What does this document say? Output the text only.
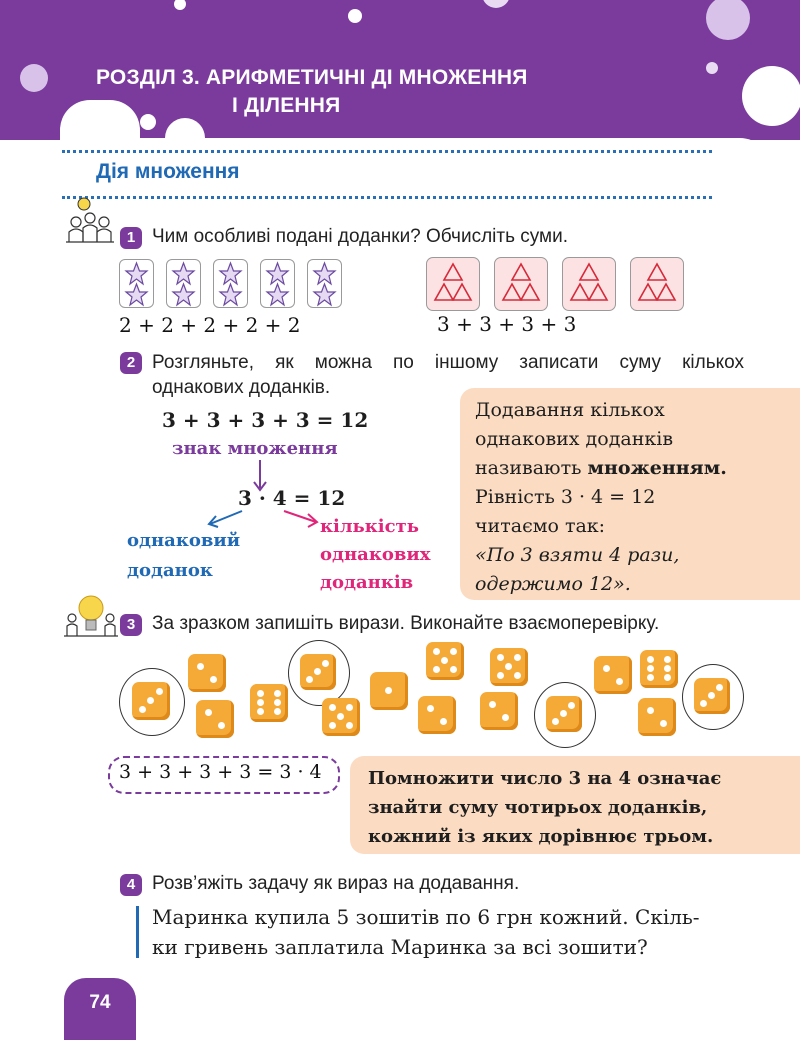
РОЗДІЛ 3. АРИФМЕТИЧНІ ДІ МНОЖЕННЯ
І ДІЛЕННЯ
Дія множення
1 Чим особливі подані доданки? Обчисліть суми.
2 + 2 + 2 + 2 + 2	3 + 3 + 3 + 3
2 Розгляньте, як можна по іншому записати суму кількох
однакових доданків.
3 + 3 + 3 + 3 = 12
знак множення
3 · 4 = 12
однаковий
доданок
кількість
однакових
доданків
Додавання кількох
однакових доданків
називають множенням.
Рівність 3 · 4 = 12
читаємо так:
«По 3 взяти 4 рази,
одержимо 12».
3 За зразком запишіть вирази. Виконайте взаємоперевірку.
3 + 3 + 3 + 3 = 3 · 4	Помножити число 3 на 4 означає
знайти суму чотирьох доданків,
кожний із яких дорівнює трьом.
4 Розв’яжіть задачу як вираз на додавання.
Маринка купила 5 зошитів по 6 грн кожний. Скіль-
ки гривень заплатила Маринка за всі зошити?
74
